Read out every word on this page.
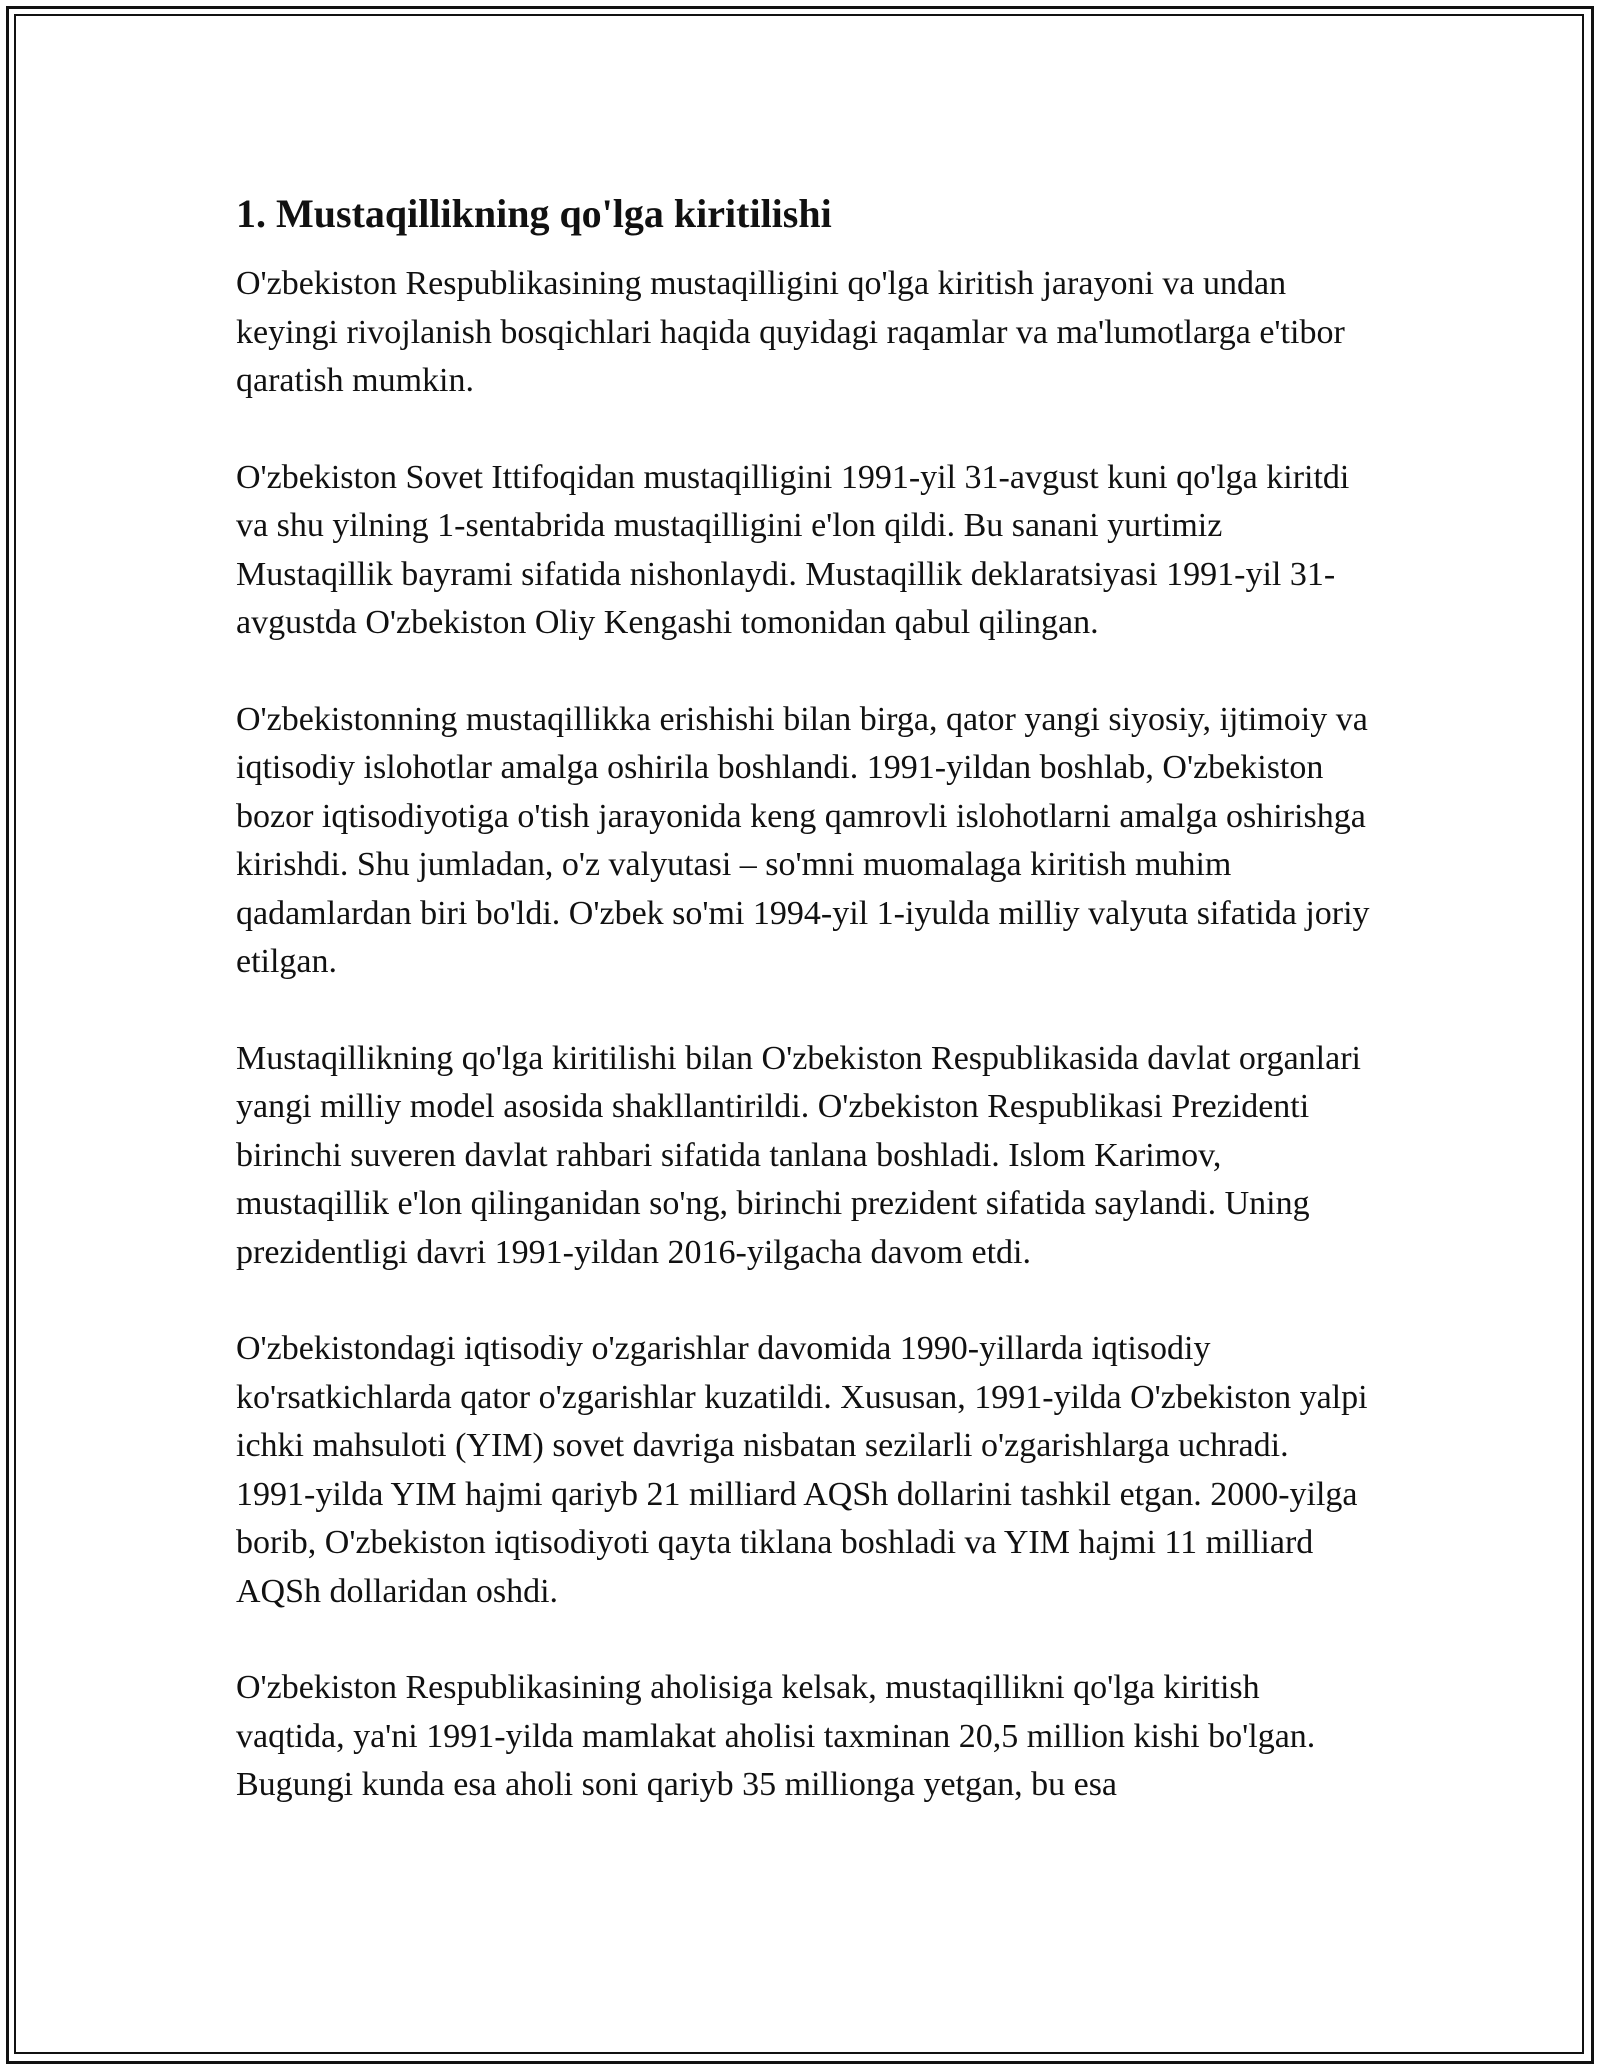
1. Mustaqillikning qo'lga kiritilishi

O'zbekiston Respublikasining mustaqilligini qo'lga kiritish jarayoni va undan keyingi rivojlanish bosqichlari haqida quyidagi raqamlar va ma'lumotlarga e'tibor qaratish mumkin.

O'zbekiston Sovet Ittifoqidan mustaqilligini 1991-yil 31-avgust kuni qo'lga kiritdi va shu yilning 1-sentabrida mustaqilligini e'lon qildi. Bu sanani yurtimiz Mustaqillik bayrami sifatida nishonlaydi. Mustaqillik deklaratsiyasi 1991-yil 31-avgustda O'zbekiston Oliy Kengashi tomonidan qabul qilingan.

O'zbekistonning mustaqillikka erishishi bilan birga, qator yangi siyosiy, ijtimoiy va iqtisodiy islohotlar amalga oshirila boshlandi. 1991-yildan boshlab, O'zbekiston bozor iqtisodiyotiga o'tish jarayonida keng qamrovli islohotlarni amalga oshirishga kirishdi. Shu jumladan, o'z valyutasi – so'mni muomalaga kiritish muhim qadamlardan biri bo'ldi. O'zbek so'mi 1994-yil 1-iyulda milliy valyuta sifatida joriy etilgan.

Mustaqillikning qo'lga kiritilishi bilan O'zbekiston Respublikasida davlat organlari yangi milliy model asosida shakllantirildi. O'zbekiston Respublikasi Prezidenti birinchi suveren davlat rahbari sifatida tanlana boshladi. Islom Karimov, mustaqillik e'lon qilinganidan so'ng, birinchi prezident sifatida saylandi. Uning prezidentligi davri 1991-yildan 2016-yilgacha davom etdi.

O'zbekistondagi iqtisodiy o'zgarishlar davomida 1990-yillarda iqtisodiy ko'rsatkichlarda qator o'zgarishlar kuzatildi. Xususan, 1991-yilda O'zbekiston yalpi ichki mahsuloti (YIM) sovet davriga nisbatan sezilarli o'zgarishlarga uchradi. 1991-yilda YIM hajmi qariyb 21 milliard AQSh dollarini tashkil etgan. 2000-yilga borib, O'zbekiston iqtisodiyoti qayta tiklana boshladi va YIM hajmi 11 milliard AQSh dollaridan oshdi.

O'zbekiston Respublikasining aholisiga kelsak, mustaqillikni qo'lga kiritish vaqtida, ya'ni 1991-yilda mamlakat aholisi taxminan 20,5 million kishi bo'lgan. Bugungi kunda esa aholi soni qariyb 35 millionga yetgan, bu esa
